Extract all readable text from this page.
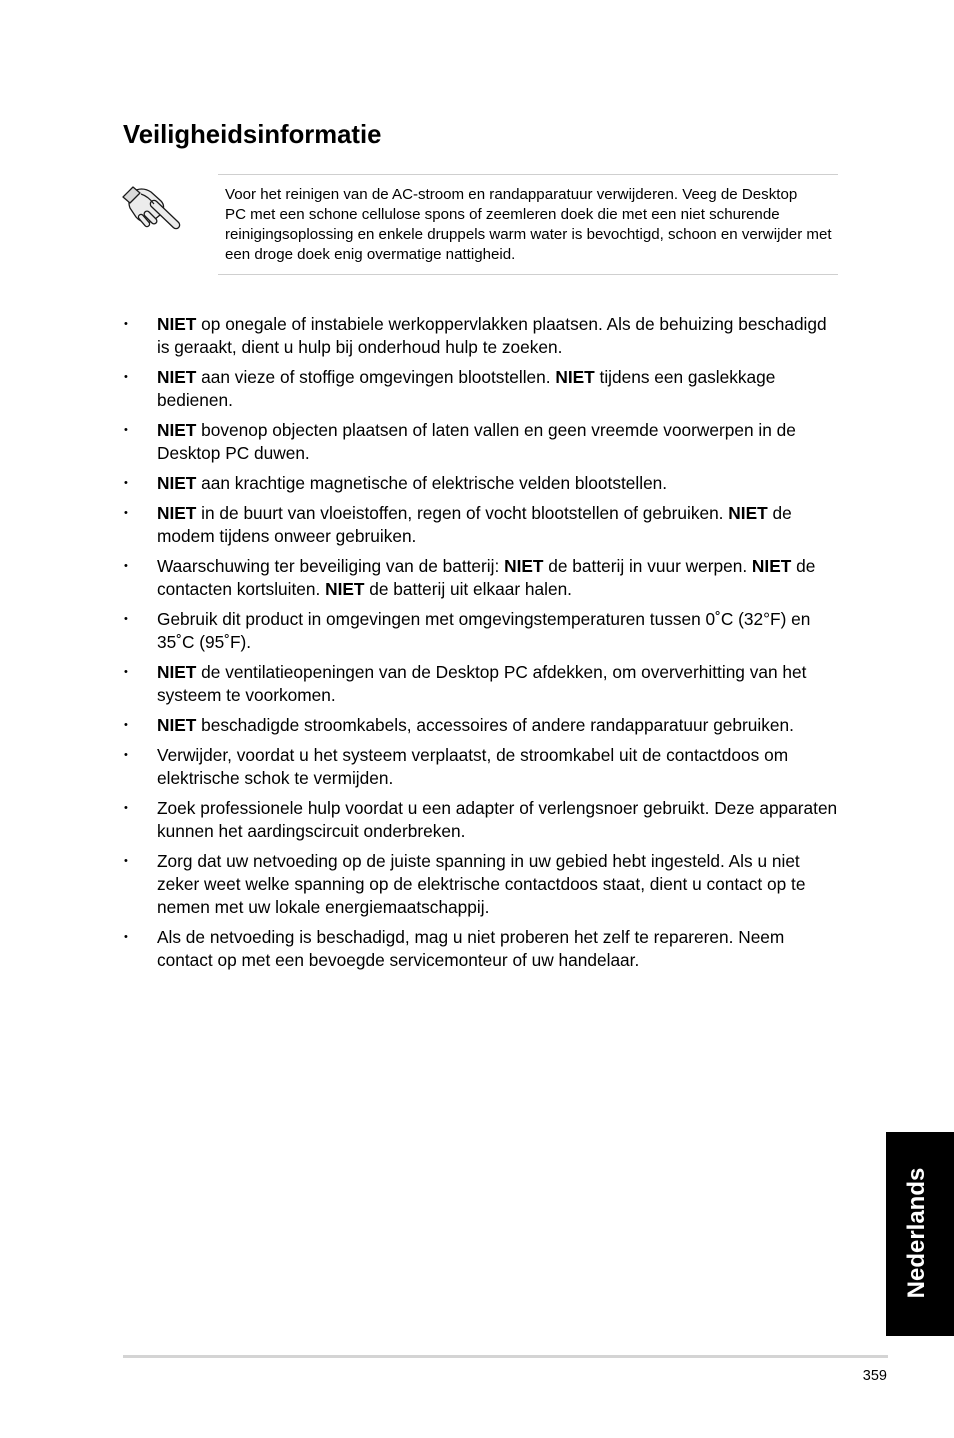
Veiligheidsinformatie
Voor het reinigen van de AC-stroom en randapparatuur verwijderen. Veeg de Desktop
PC met een schone cellulose spons of zeemleren doek die met een niet schurende
reinigingsoplossing en enkele druppels warm water is bevochtigd, schoon en verwijder met
een droge doek enig overmatige nattigheid.
• NIET op onegale of instabiele werkoppervlakken plaatsen. Als de behuizing beschadigd
is geraakt, dient u hulp bij onderhoud hulp te zoeken.
• NIET aan vieze of stoffige omgevingen blootstellen. NIET tijdens een gaslekkage
bedienen.
• NIET bovenop objecten plaatsen of laten vallen en geen vreemde voorwerpen in de
Desktop PC duwen.
• NIET aan krachtige magnetische of elektrische velden blootstellen.
• NIET in de buurt van vloeistoffen, regen of vocht blootstellen of gebruiken. NIET de
modem tijdens onweer gebruiken.
• Waarschuwing ter beveiliging van de batterij: NIET de batterij in vuur werpen. NIET de
contacten kortsluiten. NIET de batterij uit elkaar halen.
• Gebruik dit product in omgevingen met omgevingstemperaturen tussen 0˚C (32°F) en
35˚C (95˚F).
• NIET de ventilatieopeningen van de Desktop PC afdekken, om oververhitting van het
systeem te voorkomen.
• NIET beschadigde stroomkabels, accessoires of andere randapparatuur gebruiken.
• Verwijder, voordat u het systeem verplaatst, de stroomkabel uit de contactdoos om
elektrische schok te vermijden.
• Zoek professionele hulp voordat u een adapter of verlengsnoer gebruikt. Deze apparaten
kunnen het aardingscircuit onderbreken.
• Zorg dat uw netvoeding op de juiste spanning in uw gebied hebt ingesteld. Als u niet
zeker weet welke spanning op de elektrische contactdoos staat, dient u contact op te
nemen met uw lokale energiemaatschappij.
• Als de netvoeding is beschadigd, mag u niet proberen het zelf te repareren. Neem
contact op met een bevoegde servicemonteur of uw handelaar.
Nederlands
359
